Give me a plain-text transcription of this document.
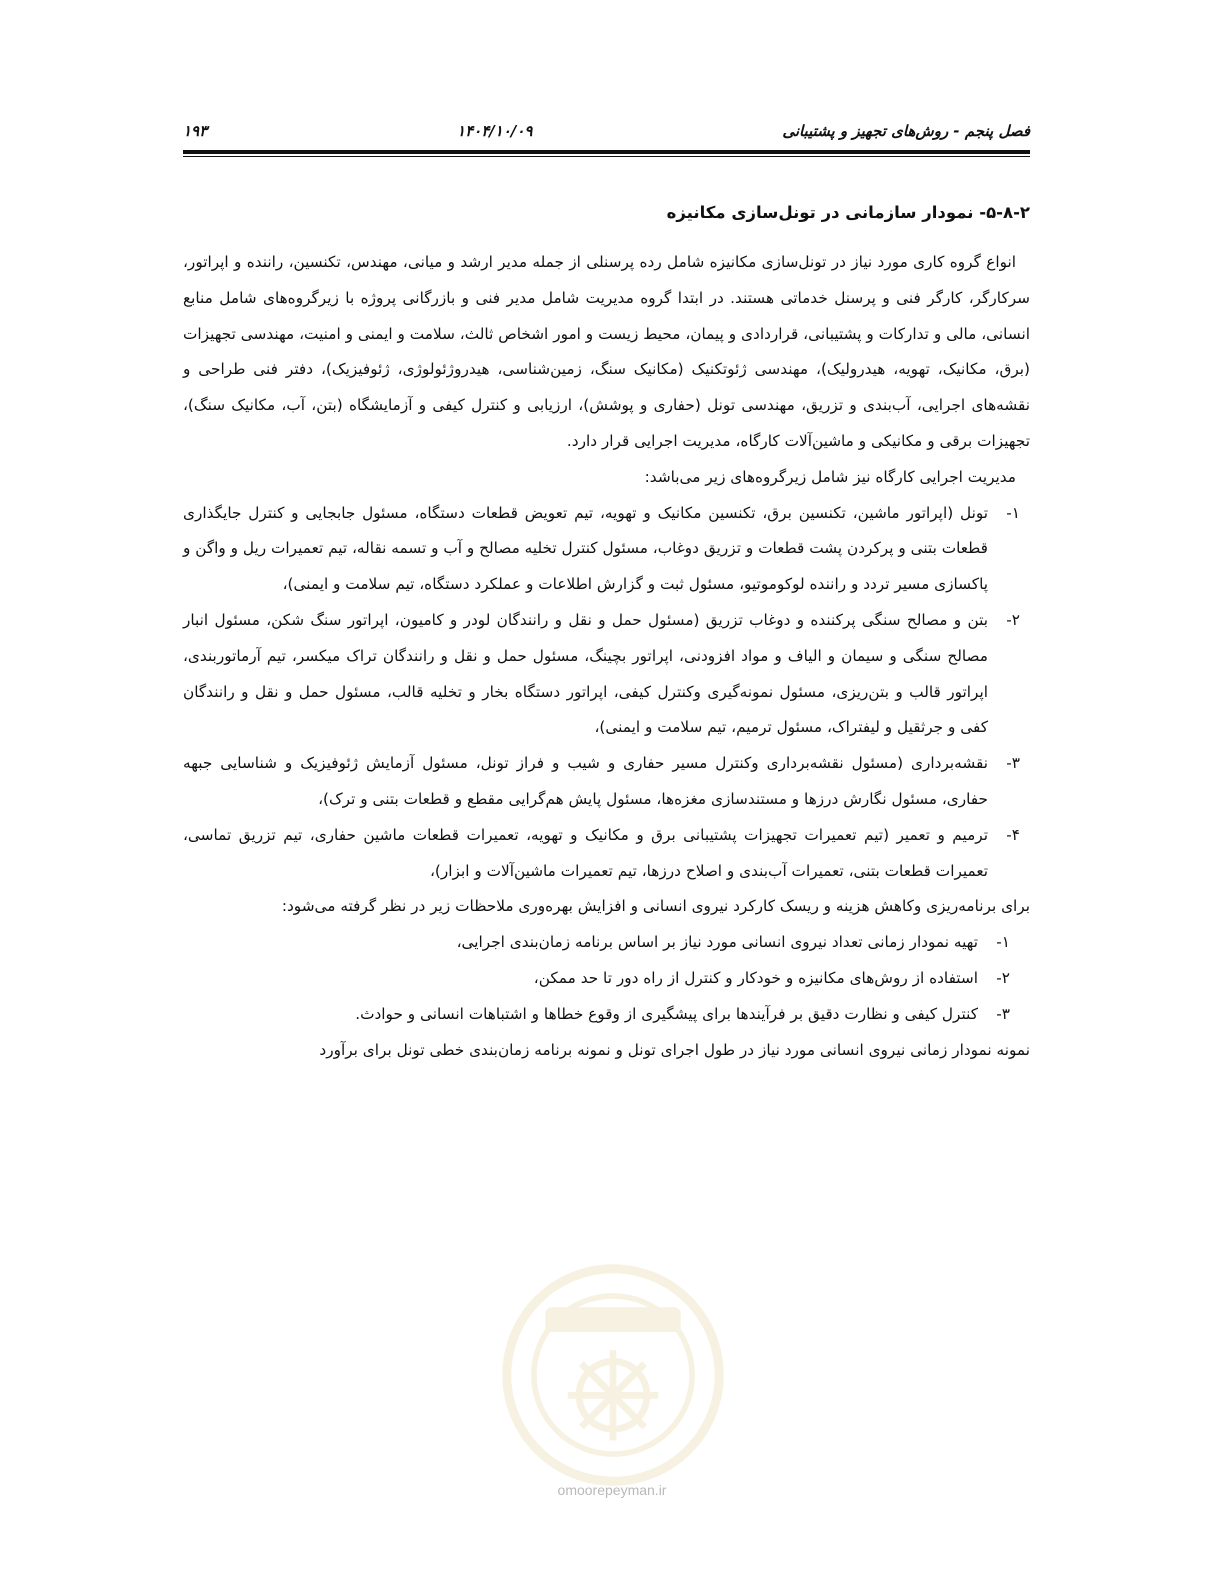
فصل پنجم - روش‌های تجهیز و پشتیبانی
۱۴۰۴/۱۰/۰۹
۱۹۳
۵-۸-۲- نمودار سازمانی در تونل‌سازی مکانیزه

انواع گروه کاری مورد نیاز در تونل‌سازی مکانیزه شامل رده پرسنلی از جمله مدیر ارشد و میانی، مهندس، تکنسین، راننده و اپراتور، سرکارگر، کارگر فنی و پرسنل خدماتی هستند. در ابتدا گروه مدیریت شامل مدیر فنی و بازرگانی پروژه با زیرگروه‌های شامل منابع انسانی، مالی و تدارکات و پشتیبانی، قراردادی و پیمان، محیط زیست و امور اشخاص ثالث، سلامت و ایمنی و امنیت، مهندسی تجهیزات (برق، مکانیک، تهویه، هیدرولیک)، مهندسی ژئوتکنیک (مکانیک سنگ، زمین‌شناسی، هیدروژئولوژی، ژئوفیزیک)، دفتر فنی طراحی و نقشه‌های اجرایی، آب‌بندی و تزریق، مهندسی تونل (حفاری و پوشش)، ارزیابی و کنترل کیفی و آزمایشگاه (بتن، آب، مکانیک سنگ)، تجهیزات برقی و مکانیکی و ماشین‌آلات کارگاه، مدیریت اجرایی قرار دارد.

مدیریت اجرایی کارگاه نیز شامل زیرگروه‌های زیر می‌باشد:

۱-
تونل (اپراتور ماشین، تکنسین برق، تکنسین مکانیک و تهویه، تیم تعویض قطعات دستگاه، مسئول جابجایی و کنترل جایگذاری قطعات بتنی و پرکردن پشت قطعات و تزریق دوغاب، مسئول کنترل تخلیه مصالح و آب و تسمه نقاله، تیم تعمیرات ریل و واگن و پاکسازی مسیر تردد و راننده لوکوموتیو، مسئول ثبت و گزارش اطلاعات و عملکرد دستگاه، تیم سلامت و ایمنی)،
۲-
بتن و مصالح سنگی پرکننده و دوغاب تزریق (مسئول حمل و نقل و رانندگان لودر و کامیون، اپراتور سنگ شکن، مسئول انبار مصالح سنگی و سیمان و الیاف و مواد افزودنی، اپراتور بچینگ، مسئول حمل و نقل و رانندگان تراک میکسر، تیم آرماتوربندی، اپراتور قالب و بتن‌ریزی، مسئول نمونه‌گیری وکنترل کیفی، اپراتور دستگاه بخار و تخلیه قالب، مسئول حمل و نقل و رانندگان کفی و جرثقیل و لیفتراک، مسئول ترمیم، تیم سلامت و ایمنی)،
۳-
نقشه‌برداری (مسئول نقشه‌برداری وکنترل مسیر حفاری و شیب و فراز تونل، مسئول آزمایش ژئوفیزیک و شناسایی جبهه حفاری، مسئول نگارش درزها و مستندسازی مغزه‌ها، مسئول پایش هم‌گرایی مقطع و قطعات بتنی و ترک)،
۴-
ترمیم و تعمیر (تیم تعمیرات تجهیزات پشتیبانی برق و مکانیک و تهویه، تعمیرات قطعات ماشین حفاری، تیم تزریق تماسی، تعمیرات قطعات بتنی، تعمیرات آب‌بندی و اصلاح درزها، تیم تعمیرات ماشین‌آلات و ابزار)،

برای برنامه‌ریزی وکاهش هزینه و ریسک کارکرد نیروی انسانی و افزایش بهره‌وری ملاحظات زیر در نظر گرفته می‌شود:

۱-
تهیه نمودار زمانی تعداد نیروی انسانی مورد نیاز بر اساس برنامه زمان‌بندی اجرایی،
۲-
استفاده از روش‌های مکانیزه و خودکار و کنترل از راه دور تا حد ممکن،
۳-
کنترل کیفی و نظارت دقیق بر فرآیندها برای پیشگیری از وقوع خطاها و اشتباهات انسانی و حوادث.

نمونه نمودار زمانی نیروی انسانی مورد نیاز در طول اجرای تونل و نمونه برنامه زمان‌بندی خطی تونل برای برآورد

omoorepeyman.ir
